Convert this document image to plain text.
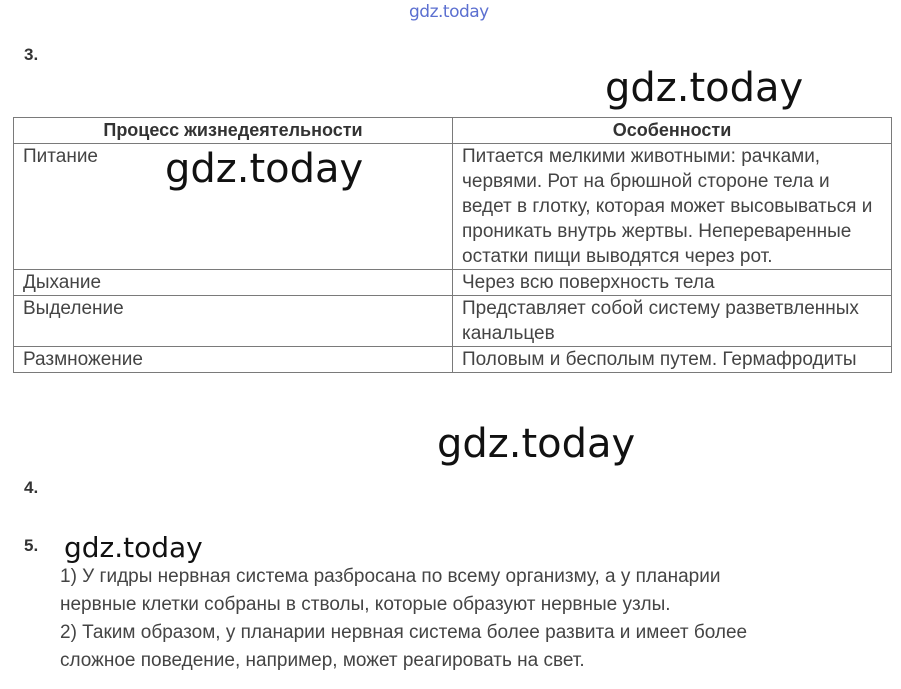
gdz.today
3.
gdz.today
Процесс жизнедеятельности	Особенности
Питание	Питается мелкими животными: рачками, червями. Рот на брюшной стороне тела и ведет в глотку, которая может высовываться и проникать внутрь жертвы. Непереваренные остатки пищи выводятся через рот.
Дыхание	Через всю поверхность тела
Выделение	Представляет собой систему разветвленных канальцев
Размножение	Половым и бесполым путем. Гермафродиты
gdz.today
gdz.today
4.
5. gdz.today
1) У гидры нервная система разбросана по всему организму, а у планарии
нервные клетки собраны в стволы, которые образуют нервные узлы.
2) Таким образом, у планарии нервная система более развита и имеет более
сложное поведение, например, может реагировать на свет.
